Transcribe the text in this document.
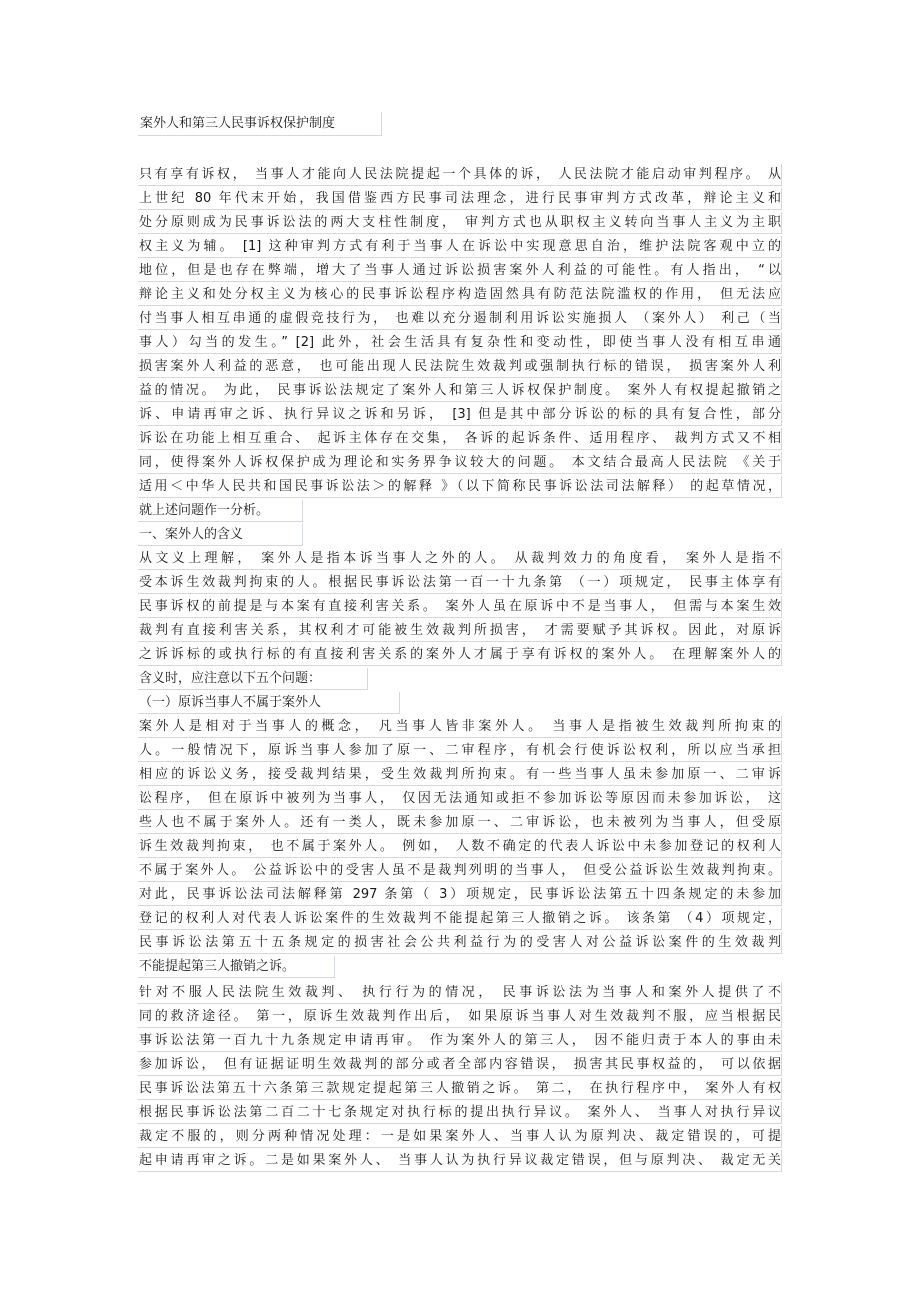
案外人和第三人民事诉权保护制度
只有享有诉权， 当事人才能向人民法院提起一个具体的诉， 人民法院才能启动审判程序。 从
上世纪 80 年代末开始，我国借鉴西方民事司法理念，进行民事审判方式改革，辩论主义和
处分原则成为民事诉讼法的两大支柱性制度， 审判方式也从职权主义转向当事人主义为主职
权主义为辅。 [1] 这种审判方式有利于当事人在诉讼中实现意思自治，维护法院客观中立的
地位，但是也存在弊端，增大了当事人通过诉讼损害案外人利益的可能性。有人指出， “以
辩论主义和处分权主义为核心的民事诉讼程序构造固然具有防范法院滥权的作用， 但无法应
付当事人相互串通的虚假竞技行为， 也难以充分遏制利用诉讼实施损人 （案外人） 利己（当
事人）勾当的发生。” [2] 此外，社会生活具有复杂性和变动性，即使当事人没有相互串通
损害案外人利益的恶意， 也可能出现人民法院生效裁判或强制执行标的错误， 损害案外人利
益的情况。 为此， 民事诉讼法规定了案外人和第三人诉权保护制度。 案外人有权提起撤销之
诉、申请再审之诉、执行异议之诉和另诉， [3] 但是其中部分诉讼的标的具有复合性，部分
诉讼在功能上相互重合、 起诉主体存在交集， 各诉的起诉条件、适用程序、 裁判方式又不相
同，使得案外人诉权保护成为理论和实务界争议较大的问题。 本文结合最高人民法院 《关于
适用＜中华人民共和国民事诉讼法＞的解释 》（以下简称民事诉讼法司法解释） 的起草情况，
就上述问题作一分析。
一、案外人的含义
从文义上理解， 案外人是指本诉当事人之外的人。 从裁判效力的角度看， 案外人是指不
受本诉生效裁判拘束的人。根据民事诉讼法第一百一十九条第 （一）项规定， 民事主体享有
民事诉权的前提是与本案有直接利害关系。 案外人虽在原诉中不是当事人， 但需与本案生效
裁判有直接利害关系，其权利才可能被生效裁判所损害， 才需要赋予其诉权。因此，对原诉
之诉诉标的或执行标的有直接利害关系的案外人才属于享有诉权的案外人。 在理解案外人的
含义时，应注意以下五个问题：
（一）原诉当事人不属于案外人
案外人是相对于当事人的概念， 凡当事人皆非案外人。 当事人是指被生效裁判所拘束的
人。一般情况下，原诉当事人参加了原一、二审程序，有机会行使诉讼权利，所以应当承担
相应的诉讼义务，接受裁判结果，受生效裁判所拘束。有一些当事人虽未参加原一、二审诉
讼程序， 但在原诉中被列为当事人， 仅因无法通知或拒不参加诉讼等原因而未参加诉讼， 这
些人也不属于案外人。还有一类人，既未参加原一、二审诉讼，也未被列为当事人，但受原
诉生效裁判拘束， 也不属于案外人。 例如， 人数不确定的代表人诉讼中未参加登记的权利人
不属于案外人。 公益诉讼中的受害人虽不是裁判列明的当事人， 但受公益诉讼生效裁判拘束。
对此，民事诉讼法司法解释第 297 条第（ 3）项规定，民事诉讼法第五十四条规定的未参加
登记的权利人对代表人诉讼案件的生效裁判不能提起第三人撤销之诉。 该条第 （4）项规定，
民事诉讼法第五十五条规定的损害社会公共利益行为的受害人对公益诉讼案件的生效裁判
不能提起第三人撤销之诉。
针对不服人民法院生效裁判、 执行行为的情况， 民事诉讼法为当事人和案外人提供了不
同的救济途径。 第一，原诉生效裁判作出后， 如果原诉当事人对生效裁判不服，应当根据民
事诉讼法第一百九十九条规定申请再审。 作为案外人的第三人， 因不能归责于本人的事由未
参加诉讼， 但有证据证明生效裁判的部分或者全部内容错误， 损害其民事权益的， 可以依据
民事诉讼法第五十六条第三款规定提起第三人撤销之诉。 第二， 在执行程序中， 案外人有权
根据民事诉讼法第二百二十七条规定对执行标的提出执行异议。 案外人、 当事人对执行异议
裁定不服的，则分两种情况处理：一是如果案外人、当事人认为原判决、裁定错误的，可提
起申请再审之诉。二是如果案外人、 当事人认为执行异议裁定错误，但与原判决、 裁定无关
